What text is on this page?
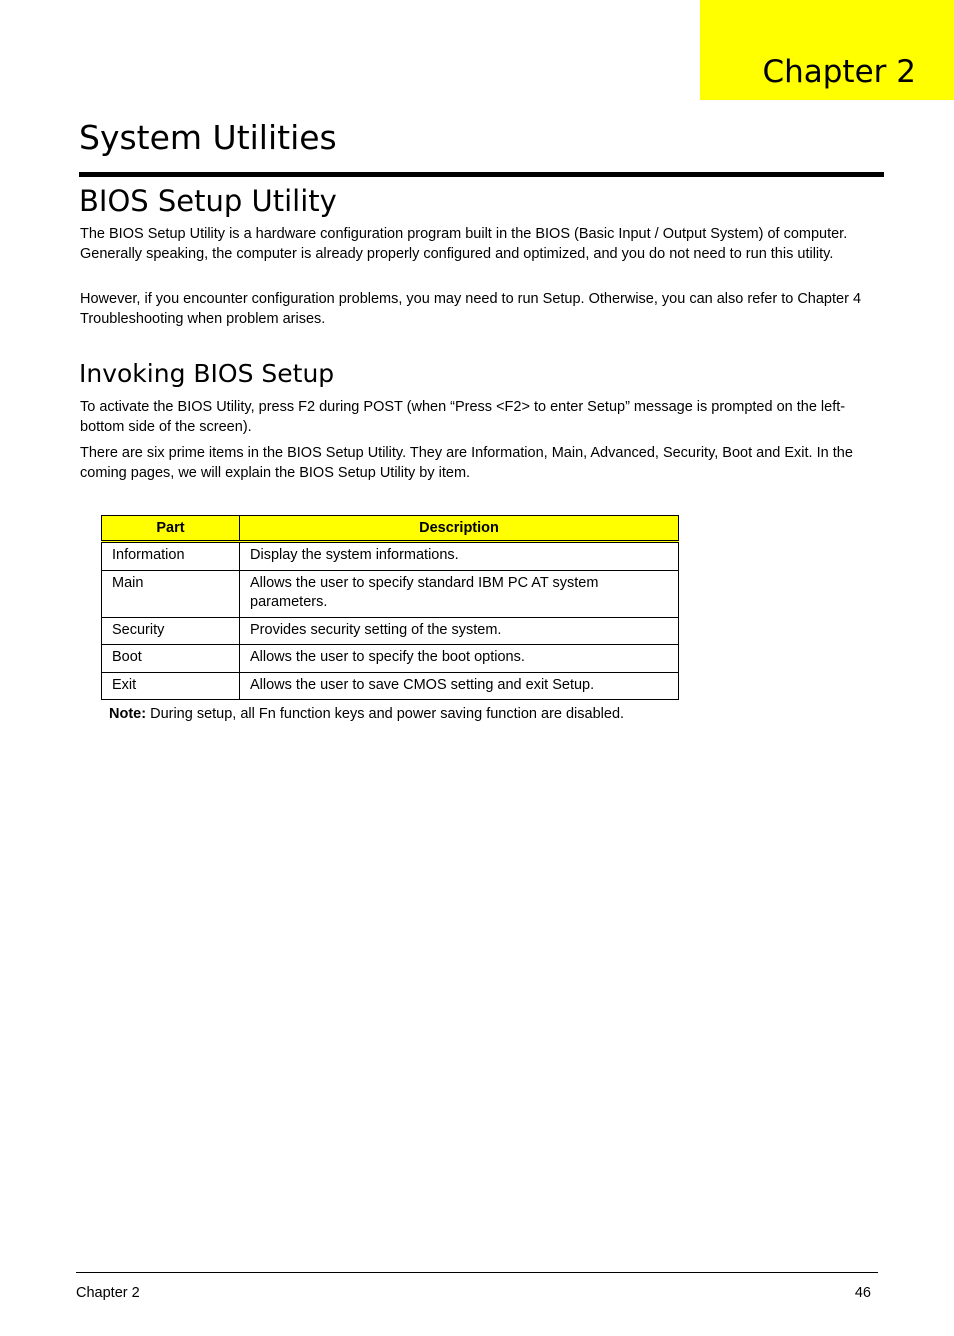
Chapter 2
System Utilities
BIOS Setup Utility

The BIOS Setup Utility is a hardware configuration program built in the BIOS (Basic Input / Output System) of computer. Generally speaking, the computer is already properly configured and optimized, and you do not need to run this utility.

However, if you encounter configuration problems, you may need to run Setup. Otherwise, you can also refer to Chapter 4 Troubleshooting when problem arises.

Invoking BIOS Setup

To activate the BIOS Utility, press F2 during POST (when “Press <F2> to enter Setup” message is prompted on the left-bottom side of the screen).

There are six prime items in the BIOS Setup Utility. They are Information, Main, Advanced, Security, Boot and Exit. In the coming pages, we will explain the BIOS Setup Utility by item.

Part	Description
Information	Display the system informations.
Main	Allows the user to specify standard IBM PC AT system parameters.
Security	Provides security setting of the system.
Boot	Allows the user to specify the boot options.
Exit	Allows the user to save CMOS setting and exit Setup.

Note: During setup, all Fn function keys and power saving function are disabled.

Chapter 2	46
